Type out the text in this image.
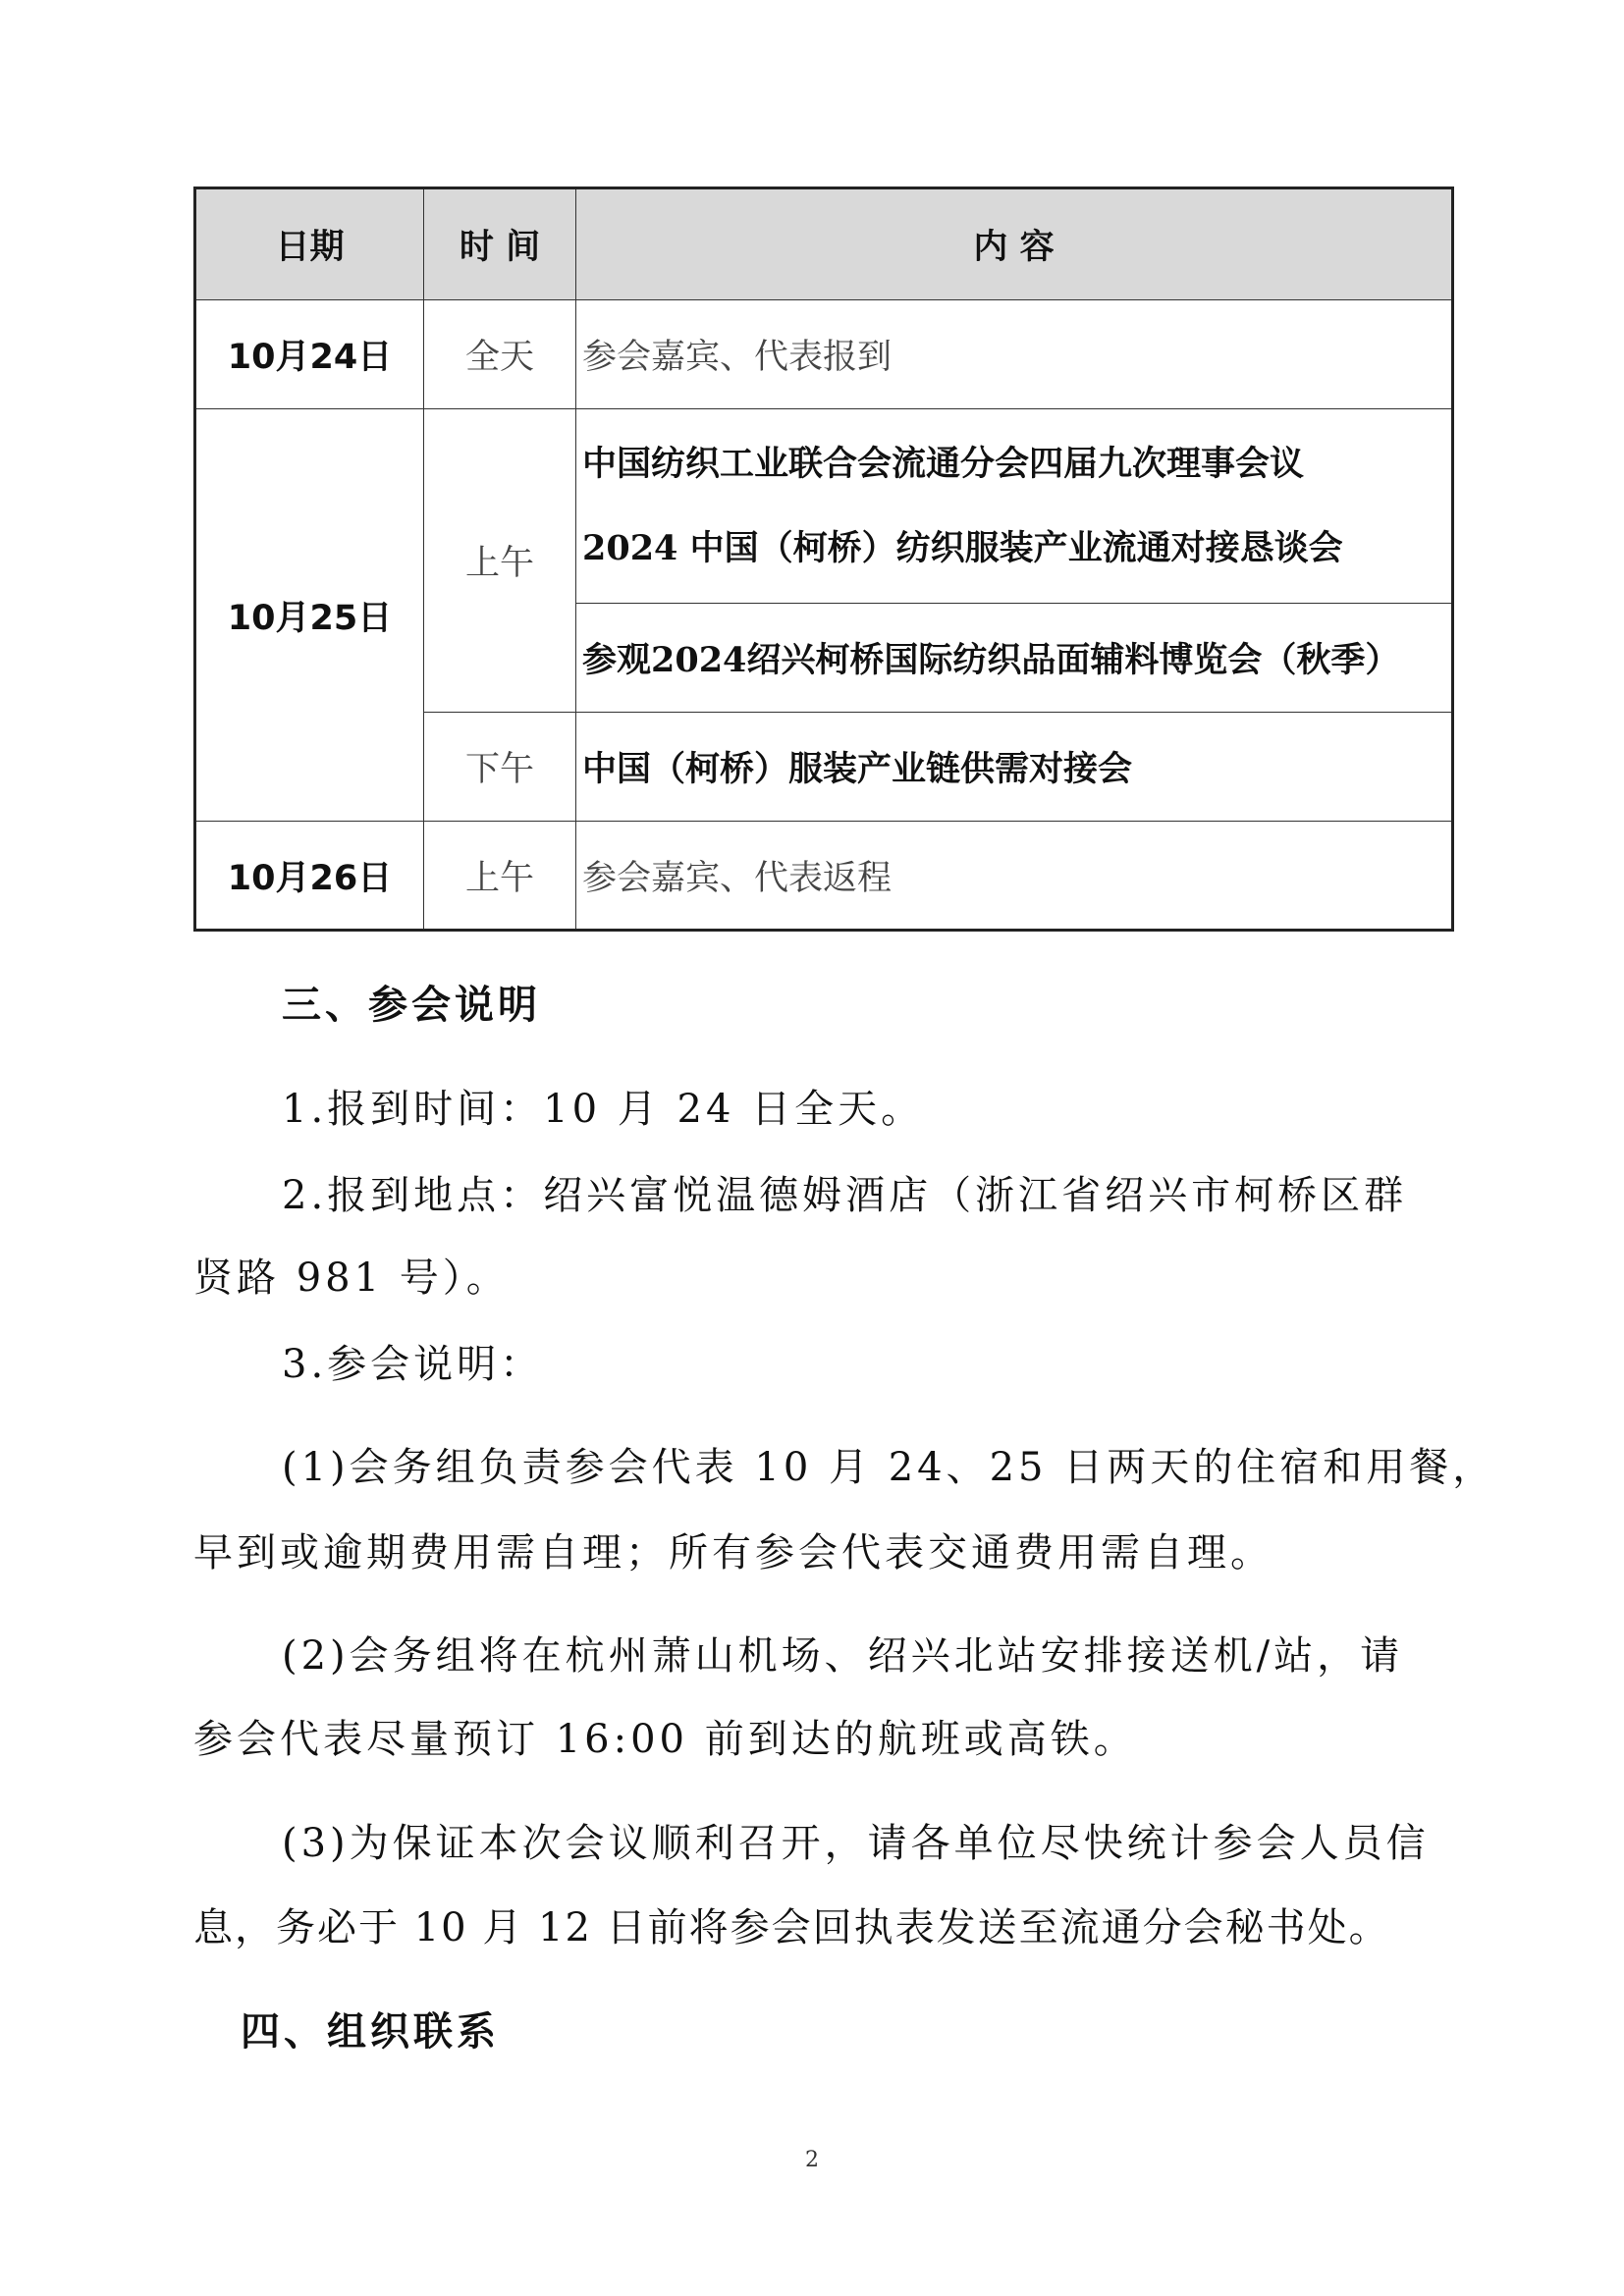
日期	时 间	内 容
10月24日	全天	参会嘉宾、代表报到
10月25日	上午	中国纺织工业联合会流通分会四届九次理事会议
2024 中国（柯桥）纺织服装产业流通对接恳谈会

		参观2024绍兴柯桥国际纺织品面辅料博览会（秋季）
	下午	中国（柯桥）服装产业链供需对接会
10月26日	上午	参会嘉宾、代表返程
三、参会说明
1.报到时间：10 月 24 日全天。
2.报到地点：绍兴富悦温德姆酒店（浙江省绍兴市柯桥区群
贤路 981 号）。
3.参会说明：
(1)会务组负责参会代表 10 月 24、25 日两天的住宿和用餐，
早到或逾期费用需自理；所有参会代表交通费用需自理。
(2)会务组将在杭州萧山机场、绍兴北站安排接送机/站，请
参会代表尽量预订 16:00 前到达的航班或高铁。
(3)为保证本次会议顺利召开，请各单位尽快统计参会人员信
息，务必于 10 月 12 日前将参会回执表发送至流通分会秘书处。
四、组织联系
2
